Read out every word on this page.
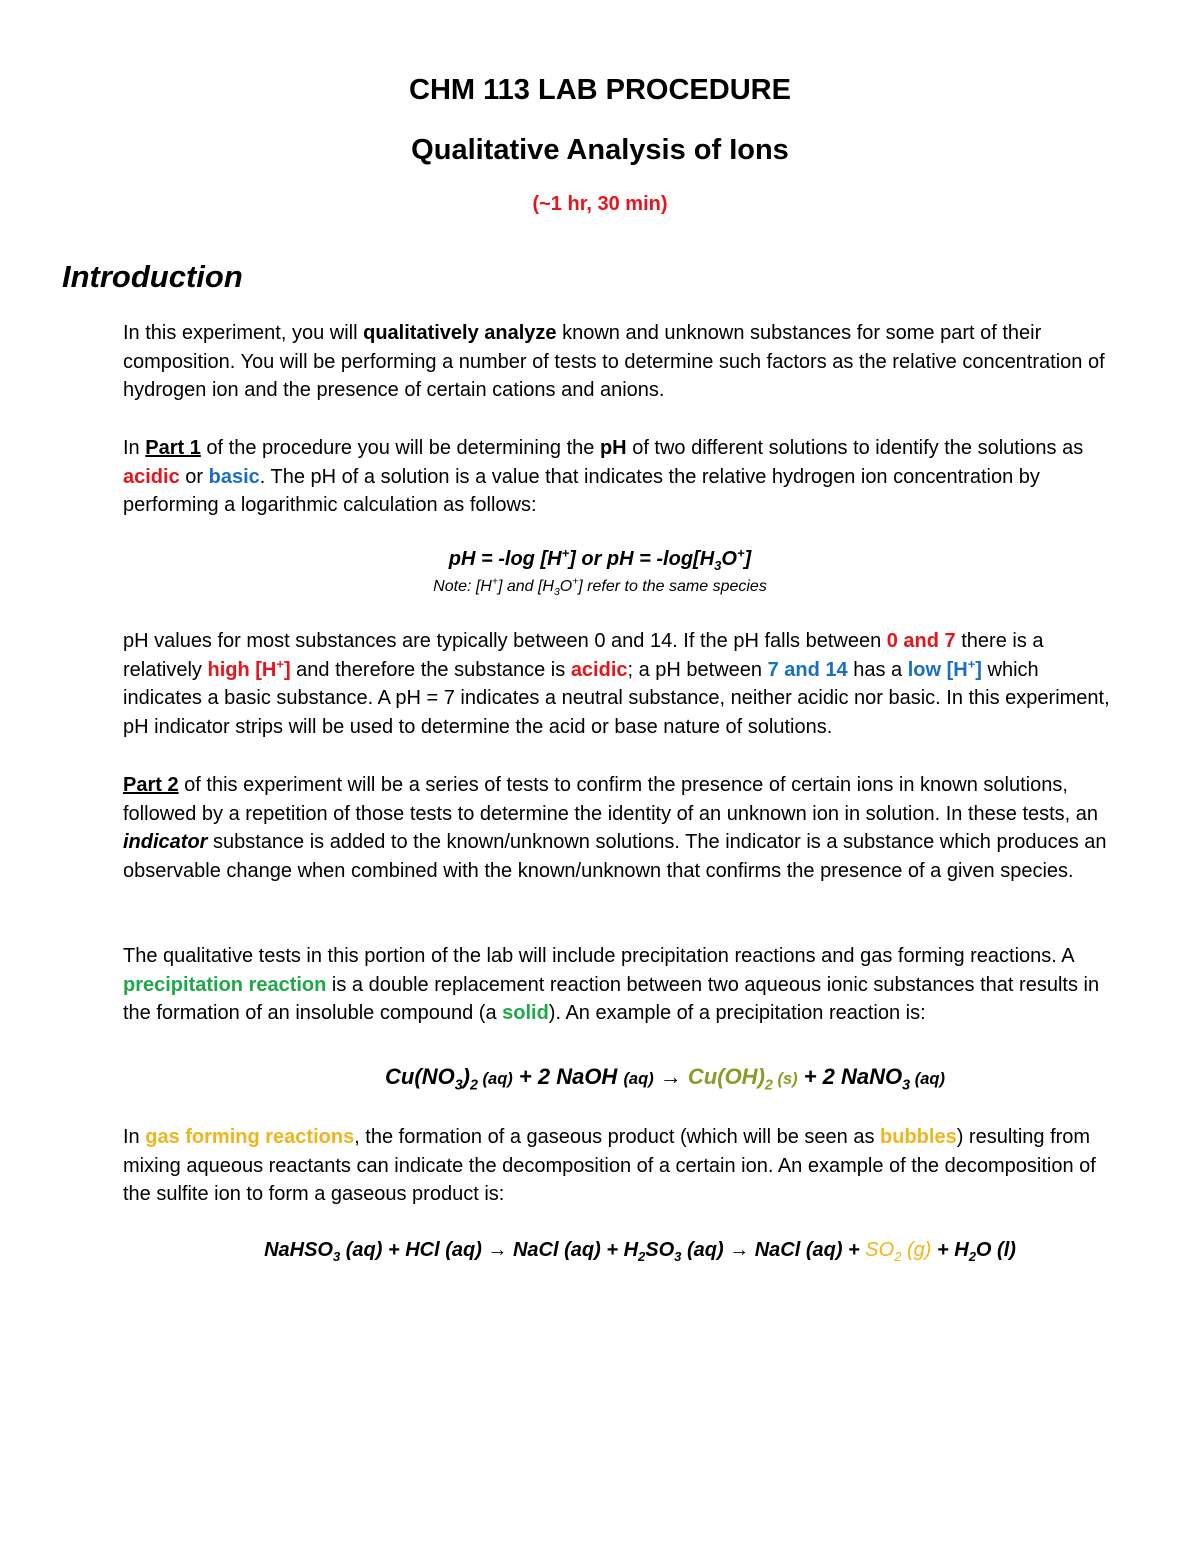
CHM 113 LAB PROCEDURE
Qualitative Analysis of Ions
(~1 hr, 30 min)
Introduction

In this experiment, you will qualitatively analyze known and unknown substances for some part of their composition. You will be performing a number of tests to determine such factors as the relative concentration of hydrogen ion and the presence of certain cations and anions.

In Part 1 of the procedure you will be determining the pH of two different solutions to identify the solutions as acidic or basic. The pH of a solution is a value that indicates the relative hydrogen ion concentration by performing a logarithmic calculation as follows:

pH = -log [H+] or pH = $-\log[H_3O^+]$
Note: [H+] and $[H_3O^+]$ refer to the same species

pH values for most substances are typically between 0 and 14. If the pH falls between 0 and 7 there is a relatively high [H+] and therefore the substance is acidic; a pH between 7 and 14 has a low [H+] which indicates a basic substance. A pH = 7 indicates a neutral substance, neither acidic nor basic. In this experiment, pH indicator strips will be used to determine the acid or base nature of solutions.

Part 2 of this experiment will be a series of tests to confirm the presence of certain ions in known solutions, followed by a repetition of those tests to determine the identity of an unknown ion in solution. In these tests, an indicator substance is added to the known/unknown solutions. The indicator is a substance which produces an observable change when combined with the known/unknown that confirms the presence of a given species.

The qualitative tests in this portion of the lab will include precipitation reactions and gas forming reactions. A precipitation reaction is a double replacement reaction between two aqueous ionic substances that results in the formation of an insoluble compound (a solid). An example of a precipitation reaction is:

$Cu(NO_3)_2$ (aq) + 2 NaOH $(aq) \to Cu(OH)_2$ (s) + 2 NaNO$_3$ (aq)

In gas forming reactions, the formation of a gaseous product (which will be seen as bubbles) resulting from mixing aqueous reactants can indicate the decomposition of a certain ion. An example of the decomposition of the sulfite ion to form a gaseous product is:

NaHSO$_3$ (aq) + HCl (aq) → NaCl $(aq) + H_2SO_3$ (aq) → NaCl $(aq) + SO_2$ $(g) + H_2O$ (l)
